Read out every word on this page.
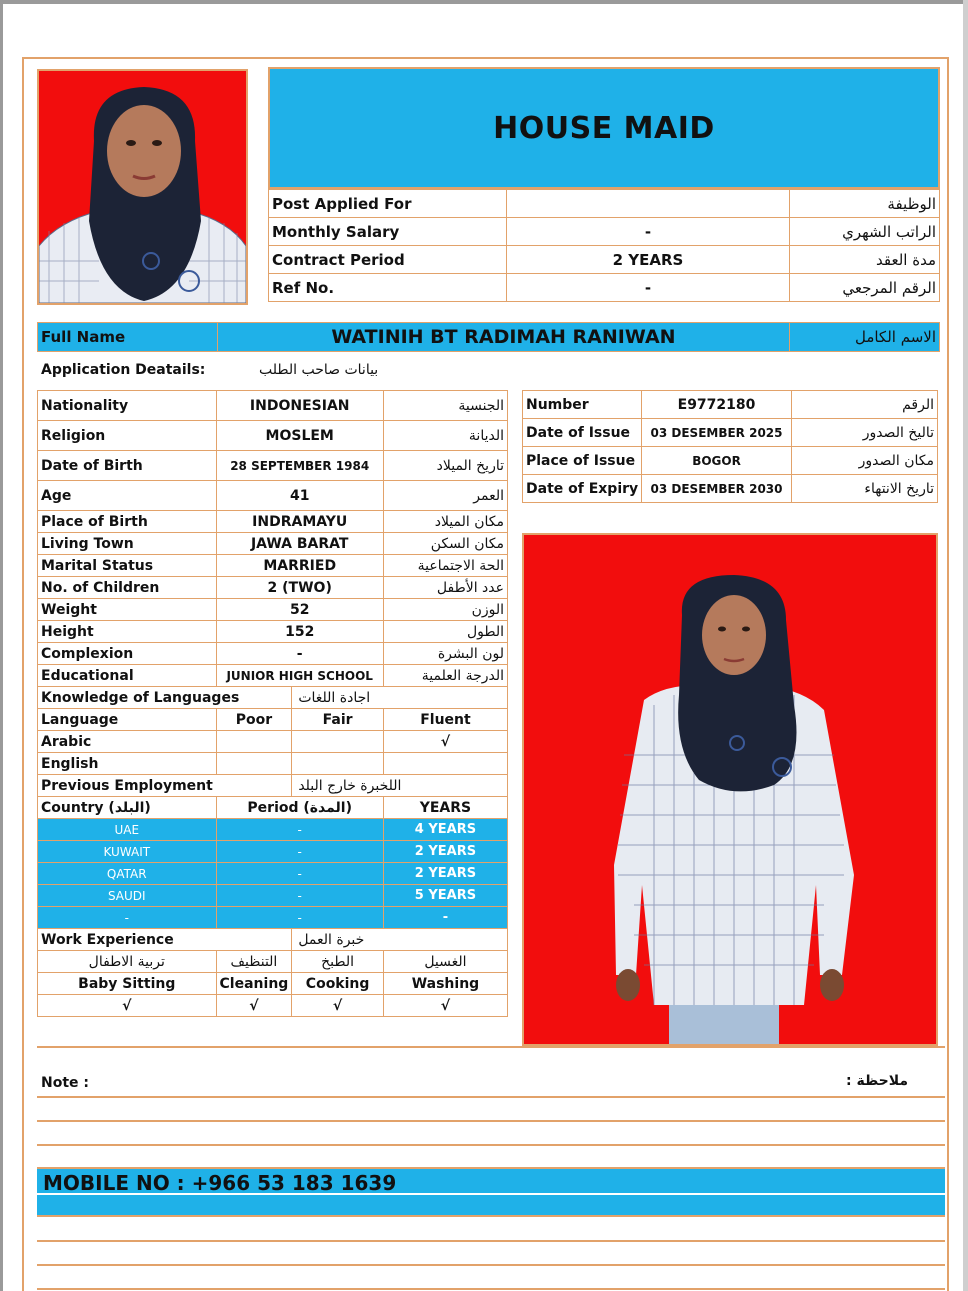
HOUSE MAID
Post Applied For		الوظيفة
Monthly Salary	-	الراتب الشهري
Contract Period	2 YEARS	مدة العقد
Ref No.	-	الرقم المرجعي
Full Name	WATINIH BT RADIMAH RANIWAN	الاسم الكامل
Application Deatails:	بيانات صاحب الطلب
Nationality	INDONESIAN		الجنسية
Religion	MOSLEM		الديانة
Date of Birth	28 SEPTEMBER 1984		تاريخ الميلاد
Age	41		العمر
Place of Birth	INDRAMAYU		مكان الميلاد
Living Town	JAWA BARAT		مكان السكن
Marital Status	MARRIED		الحة الاجتماعية
No. of Children	2 (TWO)		عدد الأطفل
Weight	52		الوزن
Height	152		الطول
Complexion	-		لون البشرة
Educational	JUNIOR HIGH SCHOOL		الدرجة العلمية
Knowledge of Languages		اجادة اللغات	
Language	Poor	Fair	Fluent
Arabic			√
English			
Previous Employment		اللخبرة خارج البلد	
Country (البلد)	Period (المدة)		YEARS
UAE	-		4 YEARS
KUWAIT	-		2 YEARS
QATAR	-		2 YEARS
SAUDI	-		5 YEARS
-	-		-
Work Experience		خبرة العمل	
تربية الاطفال	التنظيف	الطبخ	الغسيل
Baby Sitting	Cleaning	Cooking	Washing
√	√	√	√
Number	E9772180	الرقم
Date of Issue	03 DESEMBER 2025	تاليخ الصدور
Place of Issue	BOGOR	مكان الصدور
Date of Expiry	03 DESEMBER 2030	تاريخ الانتهاء
Note :	ملاحظة :
MOBILE NO : +966 53 183 1639
